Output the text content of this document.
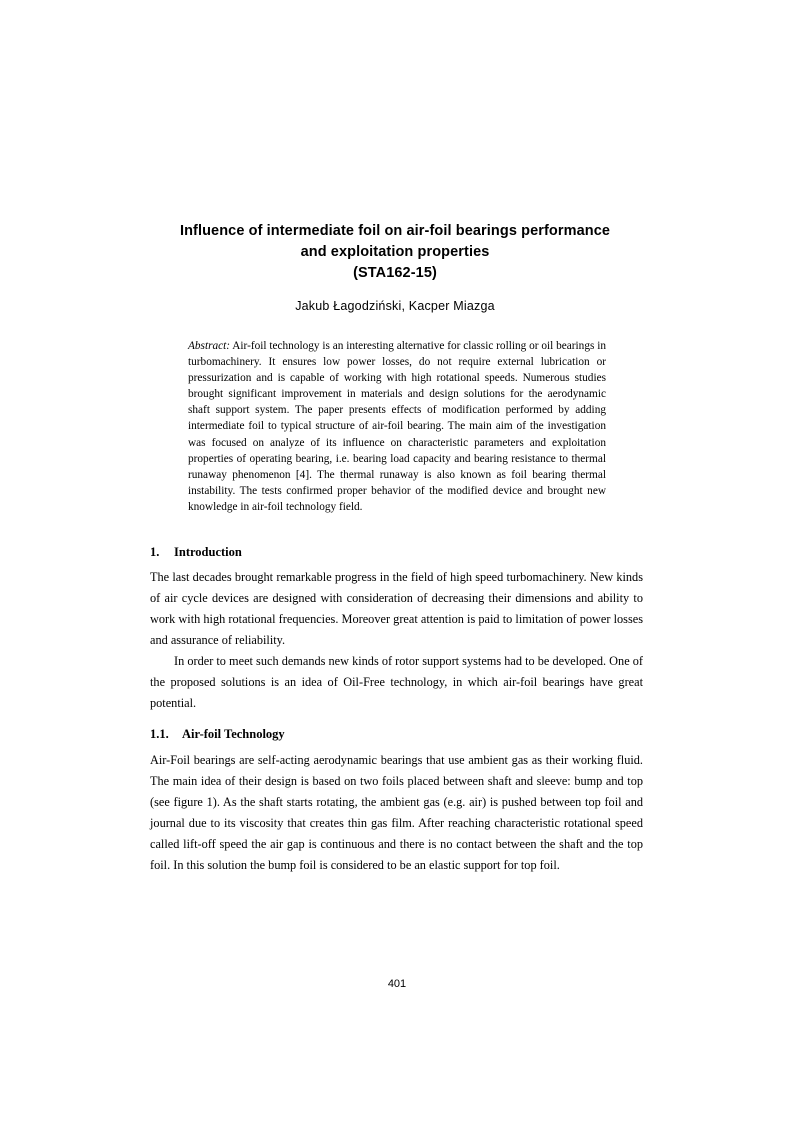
Influence of intermediate foil on air-foil bearings performance
and exploitation properties
(STA162-15)
Jakub Łagodziński, Kacper Miazga
Abstract: Air-foil technology is an interesting alternative for classic rolling or oil bearings in turbomachinery. It ensures low power losses, do not require external lubrication or pressurization and is capable of working with high rotational speeds. Numerous studies brought significant improvement in materials and design solutions for the aerodynamic shaft support system. The paper presents effects of modification performed by adding intermediate foil to typical structure of air-foil bearing. The main aim of the investigation was focused on analyze of its influence on characteristic parameters and exploitation properties of operating bearing, i.e. bearing load capacity and bearing resistance to thermal runaway phenomenon [4]. The thermal runaway is also known as foil bearing thermal instability. The tests confirmed proper behavior of the modified device and brought new knowledge in air-foil technology field.
1. Introduction

The last decades brought remarkable progress in the field of high speed turbomachinery. New kinds of air cycle devices are designed with consideration of decreasing their dimensions and ability to work with high rotational frequencies. Moreover great attention is paid to limitation of power losses and assurance of reliability.

In order to meet such demands new kinds of rotor support systems had to be developed. One of the proposed solutions is an idea of Oil-Free technology, in which air-foil bearings have great potential.

1.1. Air-foil Technology

Air-Foil bearings are self-acting aerodynamic bearings that use ambient gas as their working fluid. The main idea of their design is based on two foils placed between shaft and sleeve: bump and top (see figure 1). As the shaft starts rotating, the ambient gas (e.g. air) is pushed between top foil and journal due to its viscosity that creates thin gas film. After reaching characteristic rotational speed called lift-off speed the air gap is continuous and there is no contact between the shaft and the top foil. In this solution the bump foil is considered to be an elastic support for top foil.

401
